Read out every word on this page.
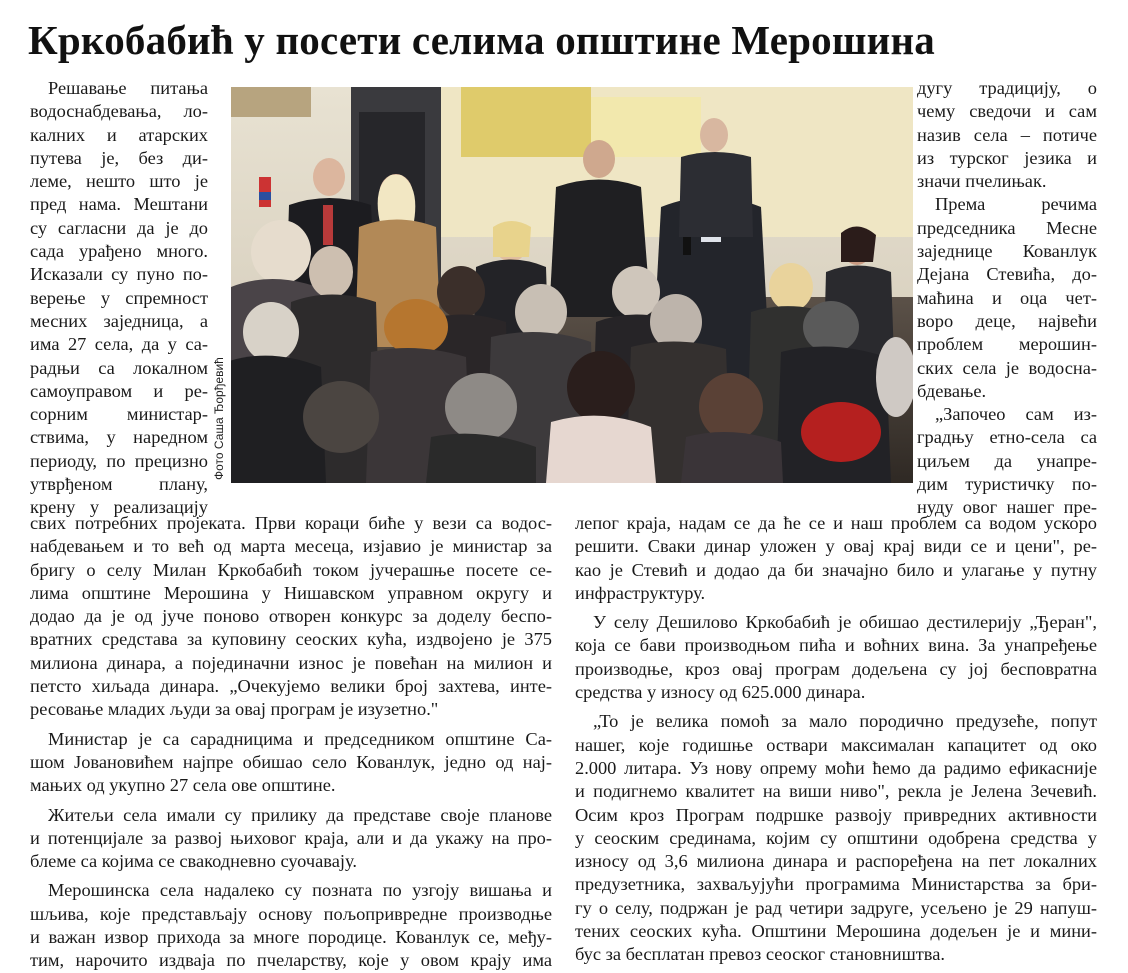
Кркобабић у посети селима општине Мерошина
Решавање питања
водоснабдевања, ло-
калних и атарских
путева је, без ди-
леме, нешто што је
пред нама. Мештани
су сагласни да је до
сада урађено много.
Исказали су пуно по-
верење у спремност
месних заједница, а
има 27 села, да у са-
радњи са локалном
самоуправом и ре-
сорним министар-
ствима, у наредном
периоду, по прецизно
утврђеном плану,
крену у реализацију
Фото Саша Ђорђевић
дугу традицију, о
чему сведочи и сам
назив села – потиче
из турског језика и
значи пчелињак.
Према речима
председника Месне
заједнице Кованлук
Дејана Стевића, до-
маћина и оца чет-
воро деце, највећи
проблем мерошин-
ских села је водосна-
бдевање.
„Започео сам из-
градњу етно-села са
циљем да унапре-
дим туристичку по-
нуду овог нашег пре-
свих потребних пројеката. Први кораци биће у вези са водос-
набдевањем и то већ од марта месеца, изјавио је министар за
бригу о селу Милан Кркобабић током јучерашње посете се-
лима општине Мерошина у Нишавском управном округу и
додао да је од јуче поново отворен конкурс за доделу беспо-
вратних средстава за куповину сеоских кућа, издвојено је 375
милиона динара, а појединачни износ је повећан на милион и
петсто хиљада динара. „Очекујемо велики број захтева, инте-
ресовање младих људи за овај програм је изузетно."
Министар је са сарадницима и председником општине Са-
шом Јовановићем најпре обишао село Кованлук, једно од нај-
мањих од укупно 27 села ове општине.
Житељи села имали су прилику да представе своје планове
и потенцијале за развој њиховог краја, али и да укажу на про-
блеме са којима се свакодневно суочавају.
Мерошинска села надалеко су позната по узгоју вишања и
шљива, које представљају основу пољопривредне производње
и важан извор прихода за многе породице. Кованлук се, међу-
тим, нарочито издваја по пчеларству, које у овом крају има
лепог краја, надам се да ће се и наш проблем са водом ускоро
решити. Сваки динар уложен у овај крај види се и цени", ре-
као је Стевић и додао да би значајно било и улагање у путну
инфраструктуру.
У селу Дешилово Кркобабић је обишао дестилерију „Ђеран",
која се бави производњом пића и воћних вина. За унапређење
производње, кроз овај програм додељена су јој бесповратна
средства у износу од 625.000 динара.
„То је велика помоћ за мало породично предузеће, попут
нашег, које годишње оствари максималан капацитет од око
2.000 литара. Уз нову опрему моћи ћемо да радимо ефикасније
и подигнемо квалитет на виши ниво", рекла је Јелена Зечевић.
Осим кроз Програм подршке развоју привредних активности
у сеоским срединама, којим су општини одобрена средства у
износу од 3,6 милиона динара и распоређена на пет локалних
предузетника, захваљујући програмима Министарства за бри-
гу о селу, подржан је рад четири задруге, усељено је 29 напуш-
тених сеоских кућа. Општини Мерошина додељен је и мини-
бус за бесплатан превоз сеоског становништва.
